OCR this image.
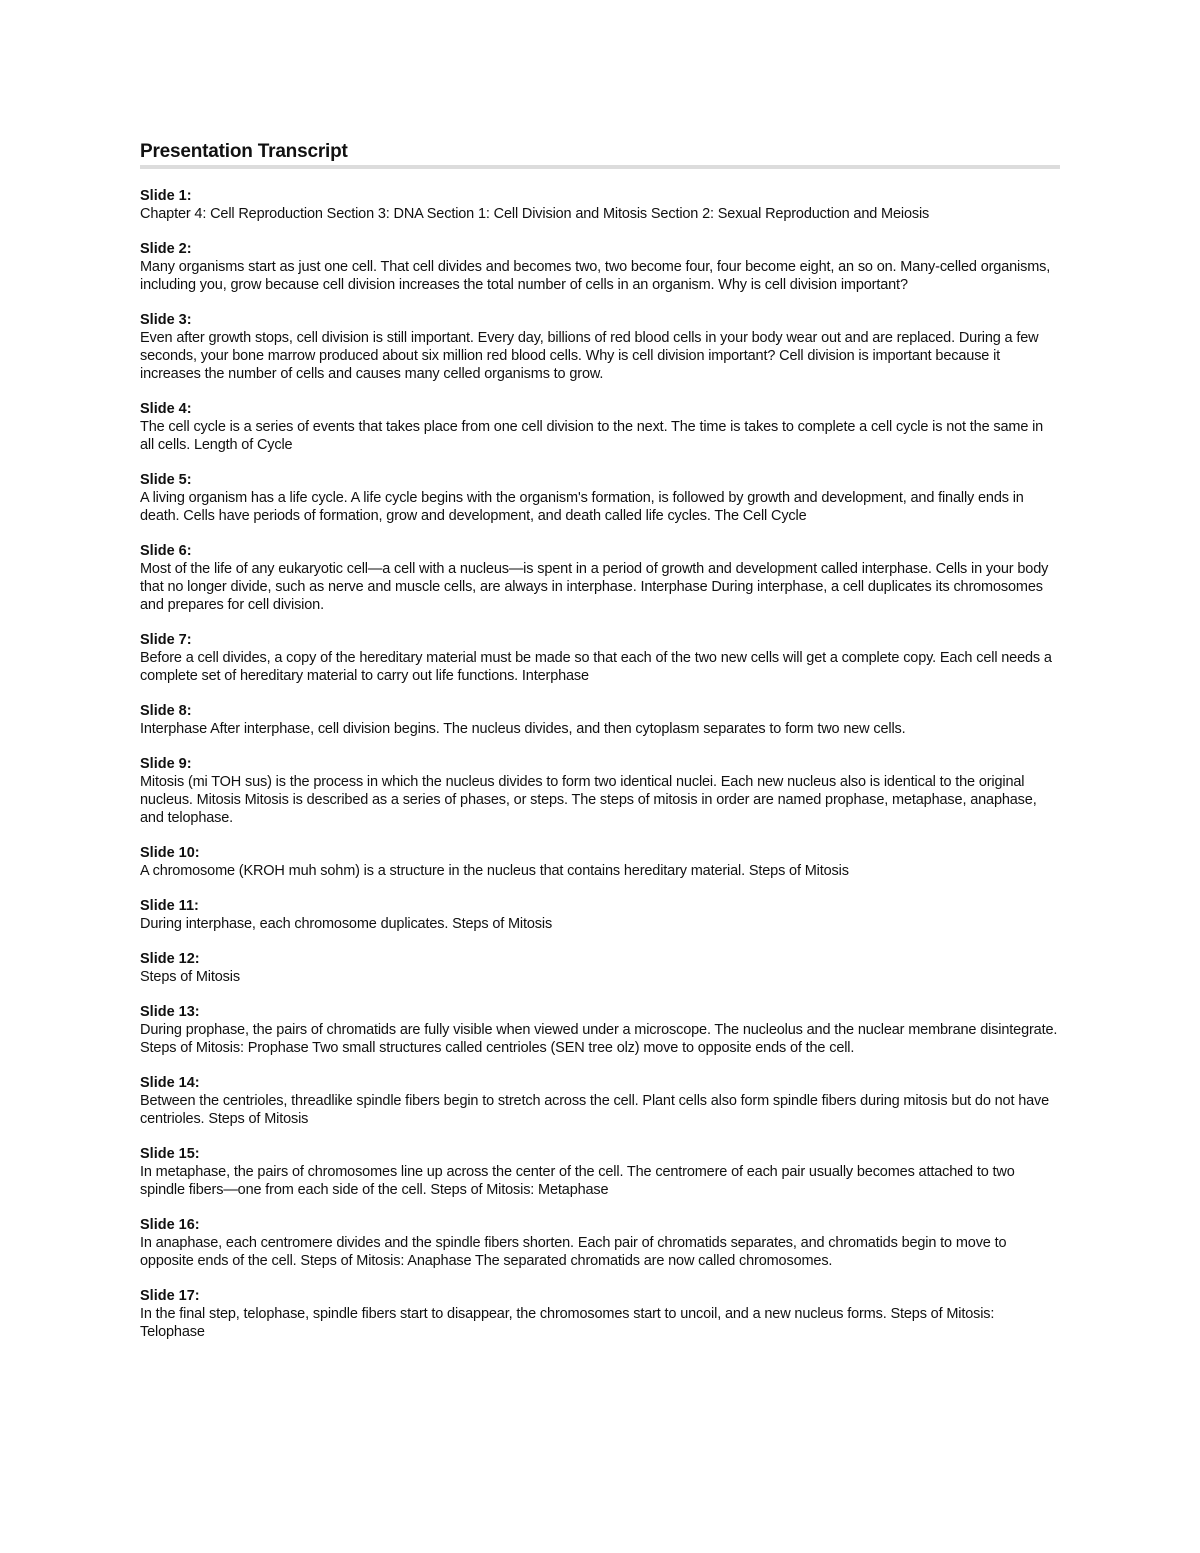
Presentation Transcript
Slide 1:
Chapter 4: Cell Reproduction Section 3: DNA Section 1: Cell Division and Mitosis Section 2: Sexual Reproduction and Meiosis
Slide 2:
Many organisms start as just one cell. That cell divides and becomes two, two become four, four become eight, an so on. Many-celled organisms, including you, grow because cell division increases the total number of cells in an organism. Why is cell division important?
Slide 3:
Even after growth stops, cell division is still important. Every day, billions of red blood cells in your body wear out and are replaced. During a few seconds, your bone marrow produced about six million red blood cells. Why is cell division important? Cell division is important because it increases the number of cells and causes many celled organisms to grow.
Slide 4:
The cell cycle is a series of events that takes place from one cell division to the next. The time is takes to complete a cell cycle is not the same in all cells. Length of Cycle
Slide 5:
A living organism has a life cycle. A life cycle begins with the organism's formation, is followed by growth and development, and finally ends in death. Cells have periods of formation, grow and development, and death called life cycles. The Cell Cycle
Slide 6:
Most of the life of any eukaryotic cell—a cell with a nucleus—is spent in a period of growth and development called interphase. Cells in your body that no longer divide, such as nerve and muscle cells, are always in interphase. Interphase During interphase, a cell duplicates its chromosomes and prepares for cell division.
Slide 7:
Before a cell divides, a copy of the hereditary material must be made so that each of the two new cells will get a complete copy. Each cell needs a complete set of hereditary material to carry out life functions. Interphase
Slide 8:
Interphase After interphase, cell division begins. The nucleus divides, and then cytoplasm separates to form two new cells.
Slide 9:
Mitosis (mi TOH sus) is the process in which the nucleus divides to form two identical nuclei. Each new nucleus also is identical to the original nucleus. Mitosis Mitosis is described as a series of phases, or steps. The steps of mitosis in order are named prophase, metaphase, anaphase, and telophase.
Slide 10:
A chromosome (KROH muh sohm) is a structure in the nucleus that contains hereditary material. Steps of Mitosis
Slide 11:
During interphase, each chromosome duplicates. Steps of Mitosis
Slide 12:
Steps of Mitosis
Slide 13:
During prophase, the pairs of chromatids are fully visible when viewed under a microscope. The nucleolus and the nuclear membrane disintegrate. Steps of Mitosis: Prophase Two small structures called centrioles (SEN tree olz) move to opposite ends of the cell.
Slide 14:
Between the centrioles, threadlike spindle fibers begin to stretch across the cell. Plant cells also form spindle fibers during mitosis but do not have centrioles. Steps of Mitosis
Slide 15:
In metaphase, the pairs of chromosomes line up across the center of the cell. The centromere of each pair usually becomes attached to two spindle fibers—one from each side of the cell. Steps of Mitosis: Metaphase
Slide 16:
In anaphase, each centromere divides and the spindle fibers shorten. Each pair of chromatids separates, and chromatids begin to move to opposite ends of the cell. Steps of Mitosis: Anaphase The separated chromatids are now called chromosomes.
Slide 17:
In the final step, telophase, spindle fibers start to disappear, the chromosomes start to uncoil, and a new nucleus forms. Steps of Mitosis: Telophase
